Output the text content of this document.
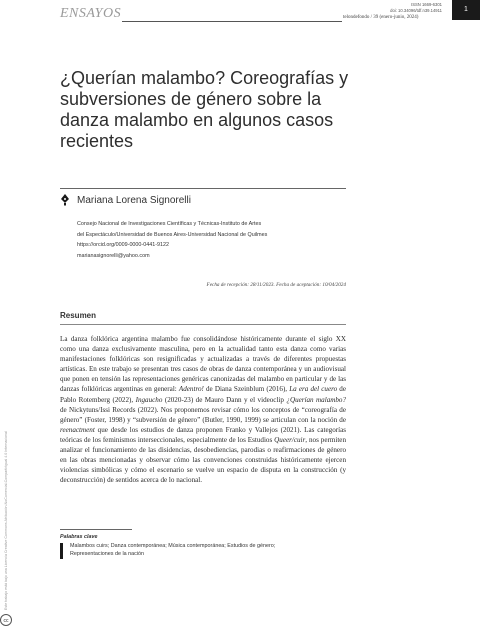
ENSAYOS
ISSN 1669-6301
doi: 10.34096/tdf.n39.14911
telondefondo / 39 (enero-junio, 2024)
1
¿Querían malambo? Coreografías y subversiones de género sobre la danza malambo en algunos casos recientes
Mariana Lorena Signorelli
Consejo Nacional de Investigaciones Científicas y Técnicas-Instituto de Artes
del Espectáculo/Universidad de Buenos Aires-Universidad Nacional de Quilmes
https://orcid.org/0009-0000-0441-9122
marianasignorelli@yahoo.com
Fecha de recepción: 28/11/2023. Fecha de aceptación: 10/04/2024
Resumen
La danza folklórica argentina malambo fue consolidándose históricamente durante el siglo XX como una danza exclusivamente masculina, pero en la actualidad tanto esta danza como varias manifestaciones folklóricas son resignificadas y actualizadas a través de diferentes propuestas artísticas. En este trabajo se presentan tres casos de obras de danza contemporánea y un audiovisual que ponen en tensión las representaciones genéricas canonizadas del malambo en particular y de las danzas folklóricas argentinas en general: Adentro! de Diana Szeinblum (2016), La era del cuero de Pablo Rotemberg (2022), Ingaucho (2020-23) de Mauro Dann y el videoclip ¿Querían malambo? de Nickytuns/Issi Records (2022). Nos proponemos revisar cómo los conceptos de “coreografía de género” (Foster, 1998) y “subversión de género” (Butler, 1990, 1999) se articulan con la noción de reenactment que desde los estudios de danza proponen Franko y Vallejos (2021). Las categorías teóricas de los feminismos interseccionales, especialmente de los Estudios Queer/cuir, nos permiten analizar el funcionamiento de las disidencias, desobediencias, parodias o reafirmaciones de género en las obras mencionadas y observar cómo las convenciones construidas históricamente ejercen violencias simbólicas y cómo el escenario se vuelve un espacio de disputa en la construcción (y deconstrucción) de sentidos acerca de lo nacional.
Palabras clave
Malambos cuirs; Danza contemporánea; Música contemporánea; Estudios de género;
Representaciones de la nación
Este trabajo está bajo una Licencia Creative Commons Atribución-NoComercial-CompartirIgual 4.0 Internacional
cc
